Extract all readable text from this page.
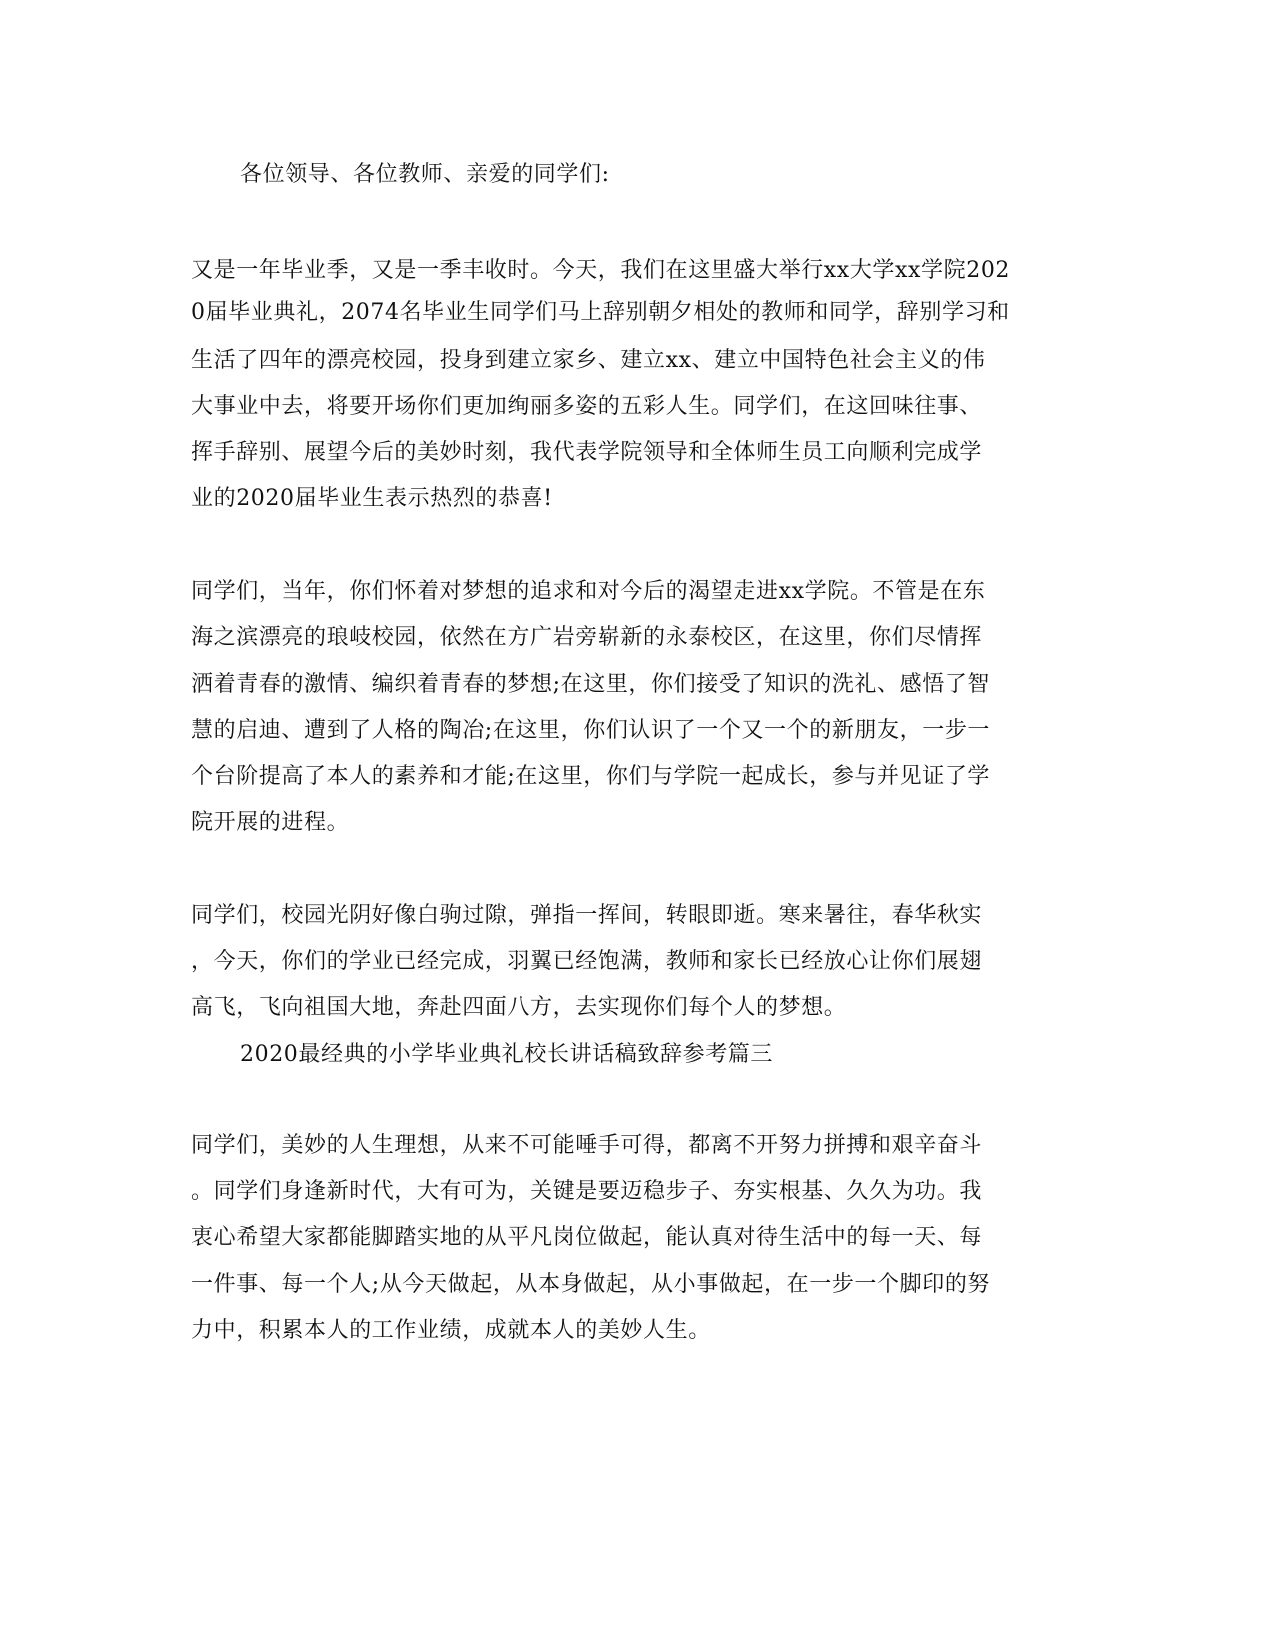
各位领导、各位教师、亲爱的同学们:
又是一年毕业季，又是一季丰收时。今天，我们在这里盛大举行xx大学xx学院202
0届毕业典礼，2074名毕业生同学们马上辞别朝夕相处的教师和同学，辞别学习和
生活了四年的漂亮校园，投身到建立家乡、建立xx、建立中国特色社会主义的伟
大事业中去，将要开场你们更加绚丽多姿的五彩人生。同学们，在这回味往事、
挥手辞别、展望今后的美妙时刻，我代表学院领导和全体师生员工向顺利完成学
业的2020届毕业生表示热烈的恭喜!
同学们，当年，你们怀着对梦想的追求和对今后的渴望走进xx学院。不管是在东
海之滨漂亮的琅岐校园，依然在方广岩旁崭新的永泰校区，在这里，你们尽情挥
洒着青春的激情、编织着青春的梦想;在这里，你们接受了知识的洗礼、感悟了智
慧的启迪、遭到了人格的陶冶;在这里，你们认识了一个又一个的新朋友，一步一
个台阶提高了本人的素养和才能;在这里，你们与学院一起成长，参与并见证了学
院开展的进程。
同学们，校园光阴好像白驹过隙，弹指一挥间，转眼即逝。寒来暑往，春华秋实
，今天，你们的学业已经完成，羽翼已经饱满，教师和家长已经放心让你们展翅
高飞，飞向祖国大地，奔赴四面八方，去实现你们每个人的梦想。
2020最经典的小学毕业典礼校长讲话稿致辞参考篇三
同学们，美妙的人生理想，从来不可能唾手可得，都离不开努力拼搏和艰辛奋斗
。同学们身逢新时代，大有可为，关键是要迈稳步子、夯实根基、久久为功。我
衷心希望大家都能脚踏实地的从平凡岗位做起，能认真对待生活中的每一天、每
一件事、每一个人;从今天做起，从本身做起，从小事做起，在一步一个脚印的努
力中，积累本人的工作业绩，成就本人的美妙人生。
